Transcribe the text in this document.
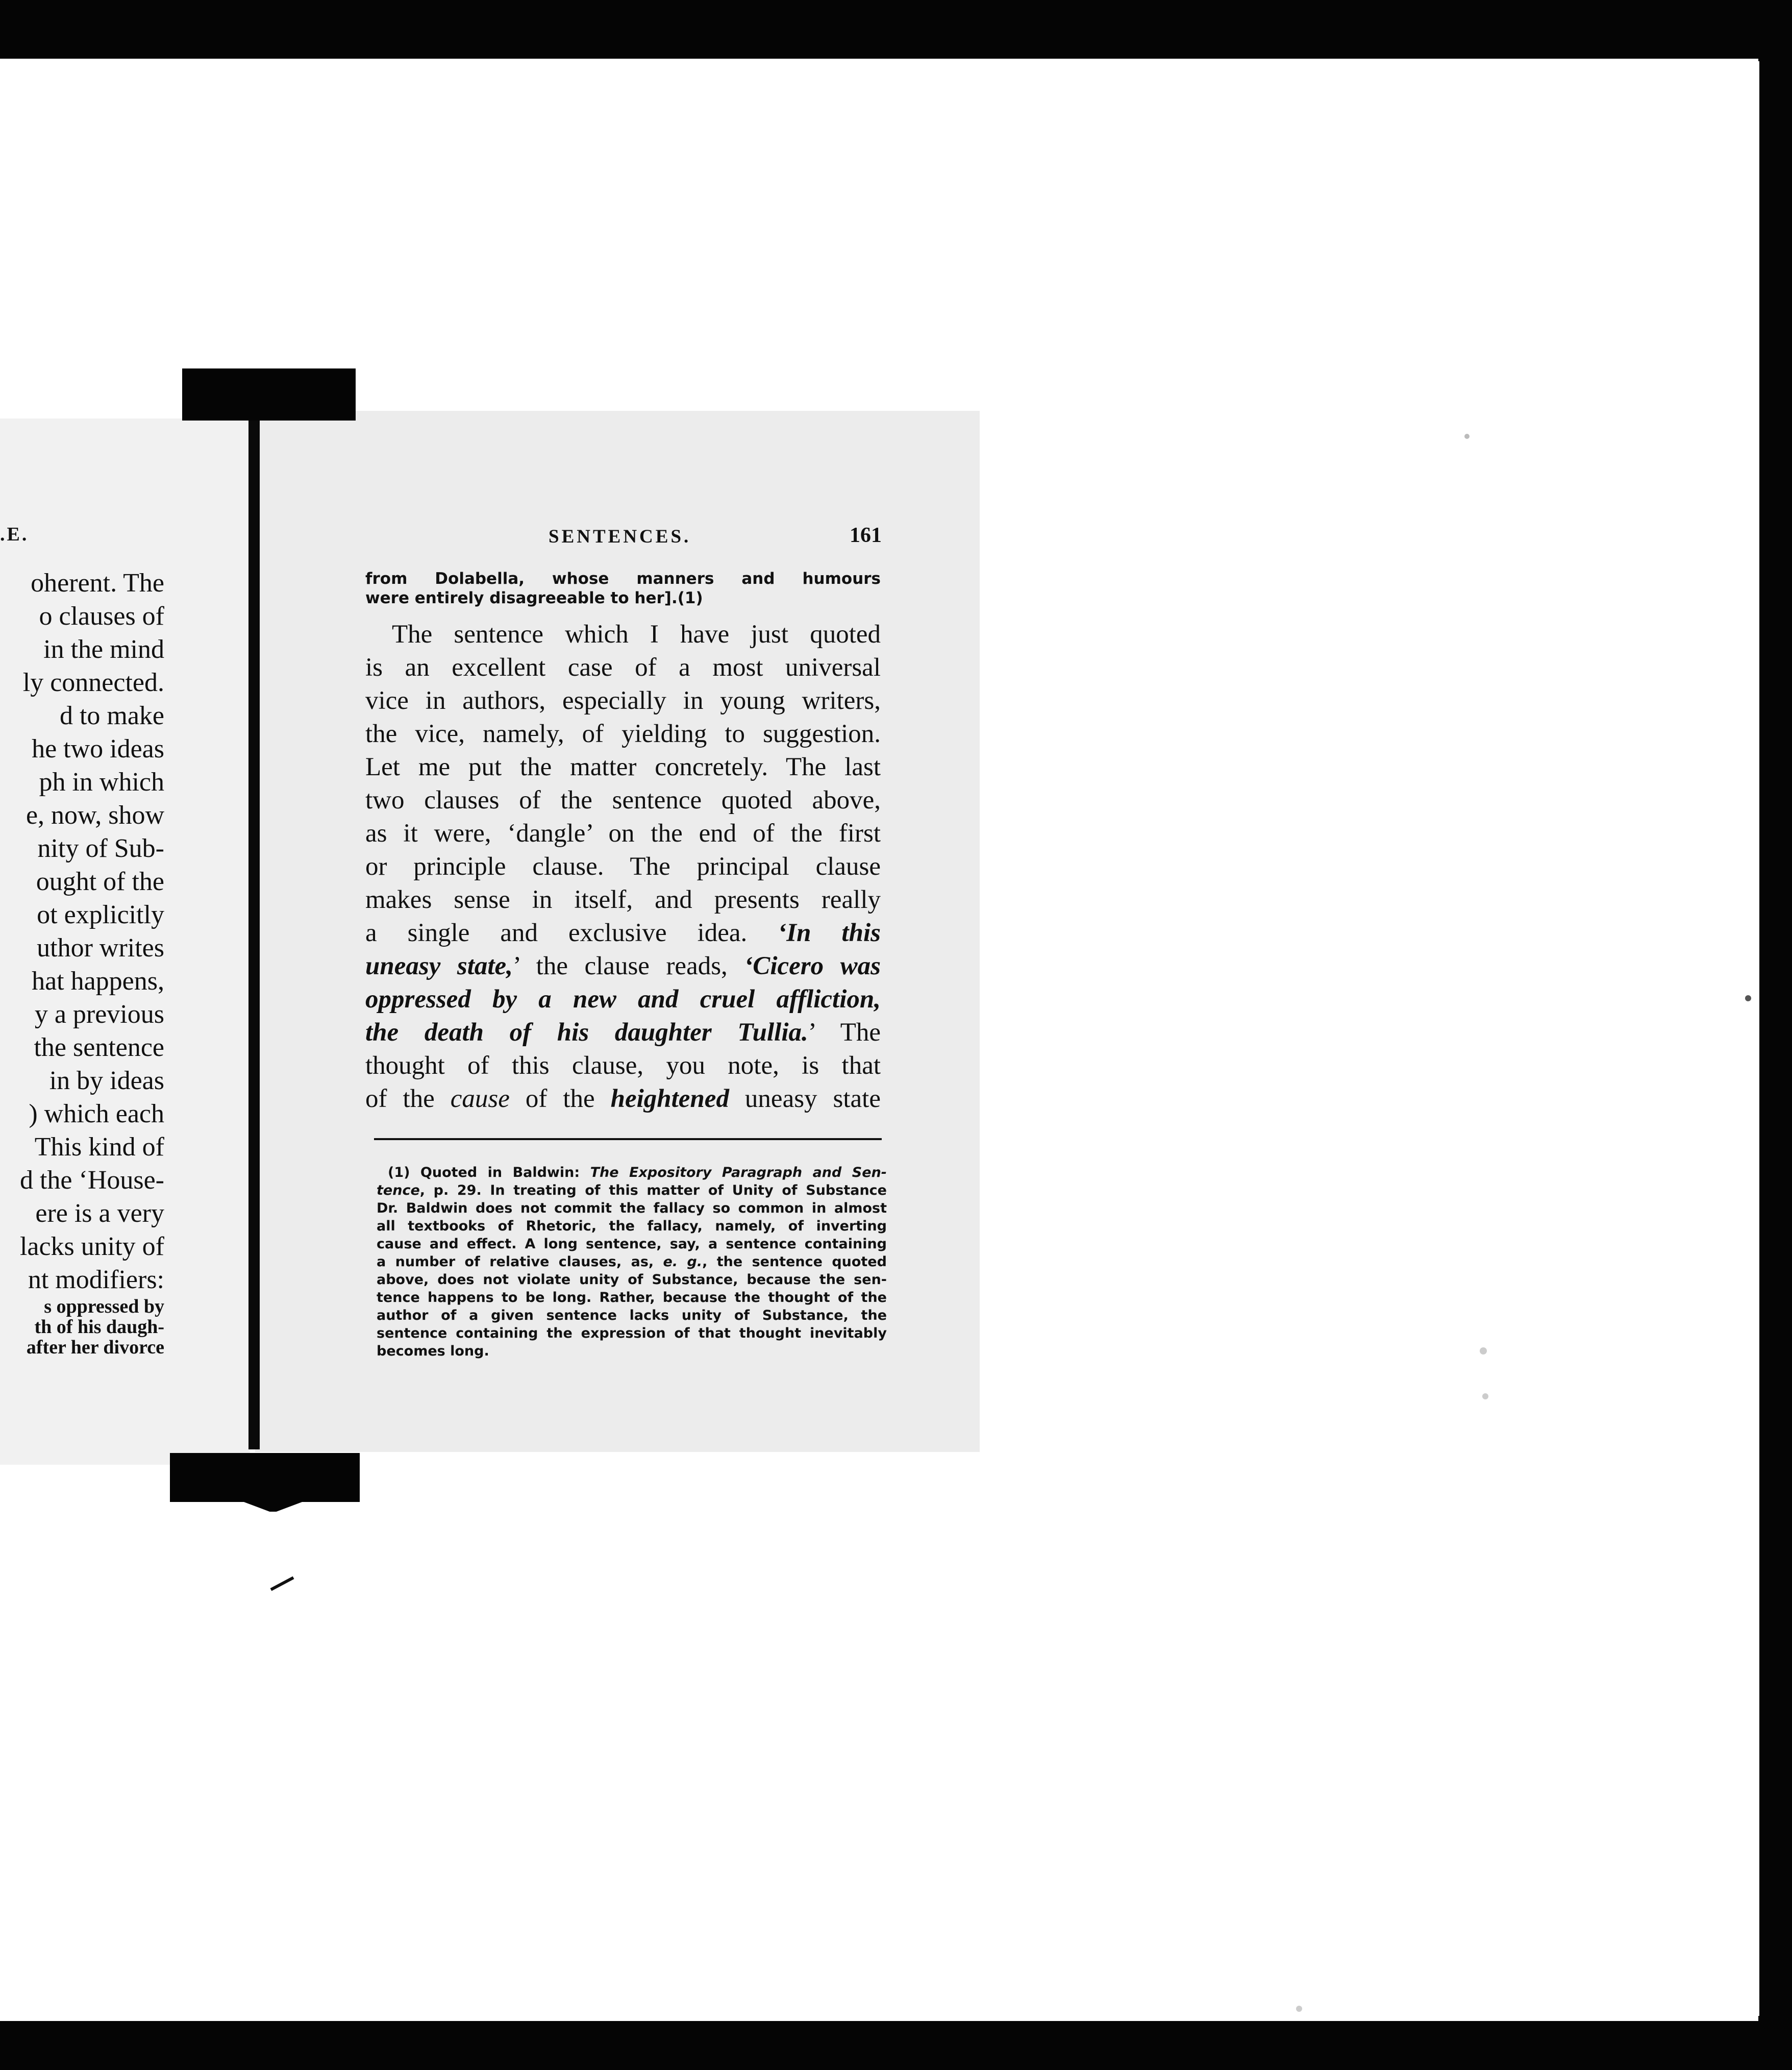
.E.
oherent. The
o clauses of
in the mind
ly connected.
d to make
he two ideas
ph in which
e, now, show
nity of Sub-
ought of the
ot explicitly
uthor writes
hat happens,
y a previous
the sentence
in by ideas
) which each
This kind of
d the ‘House-
ere is a very
lacks unity of
nt modifiers:
s oppressed by
th of his daugh-
after her divorce
SENTENCES.	161
from Dolabella, whose manners and humours
were entirely disagreeable to her].(1)
The sentence which I have just quoted
is an excellent case of a most universal
vice in authors, especially in young writers,
the vice, namely, of yielding to suggestion.
Let me put the matter concretely. The last
two clauses of the sentence quoted above,
as it were, ‘dangle’ on the end of the first
or principle clause. The principal clause
makes sense in itself, and presents really
a single and exclusive idea. ‘In this
uneasy state,’ the clause reads, ‘Cicero was
oppressed by a new and cruel affliction,
the death of his daughter Tullia.’ The
thought of this clause, you note, is that
of the cause of the heightened uneasy state
(1) Quoted in Baldwin: The Expository Paragraph and Sen-
tence, p. 29. In treating of this matter of Unity of Substance
Dr. Baldwin does not commit the fallacy so common in almost
all textbooks of Rhetoric, the fallacy, namely, of inverting
cause and effect. A long sentence, say, a sentence containing
a number of relative clauses, as, e. g., the sentence quoted
above, does not violate unity of Substance, because the sen-
tence happens to be long. Rather, because the thought of the
author of a given sentence lacks unity of Substance, the
sentence containing the expression of that thought inevitably
becomes long.
